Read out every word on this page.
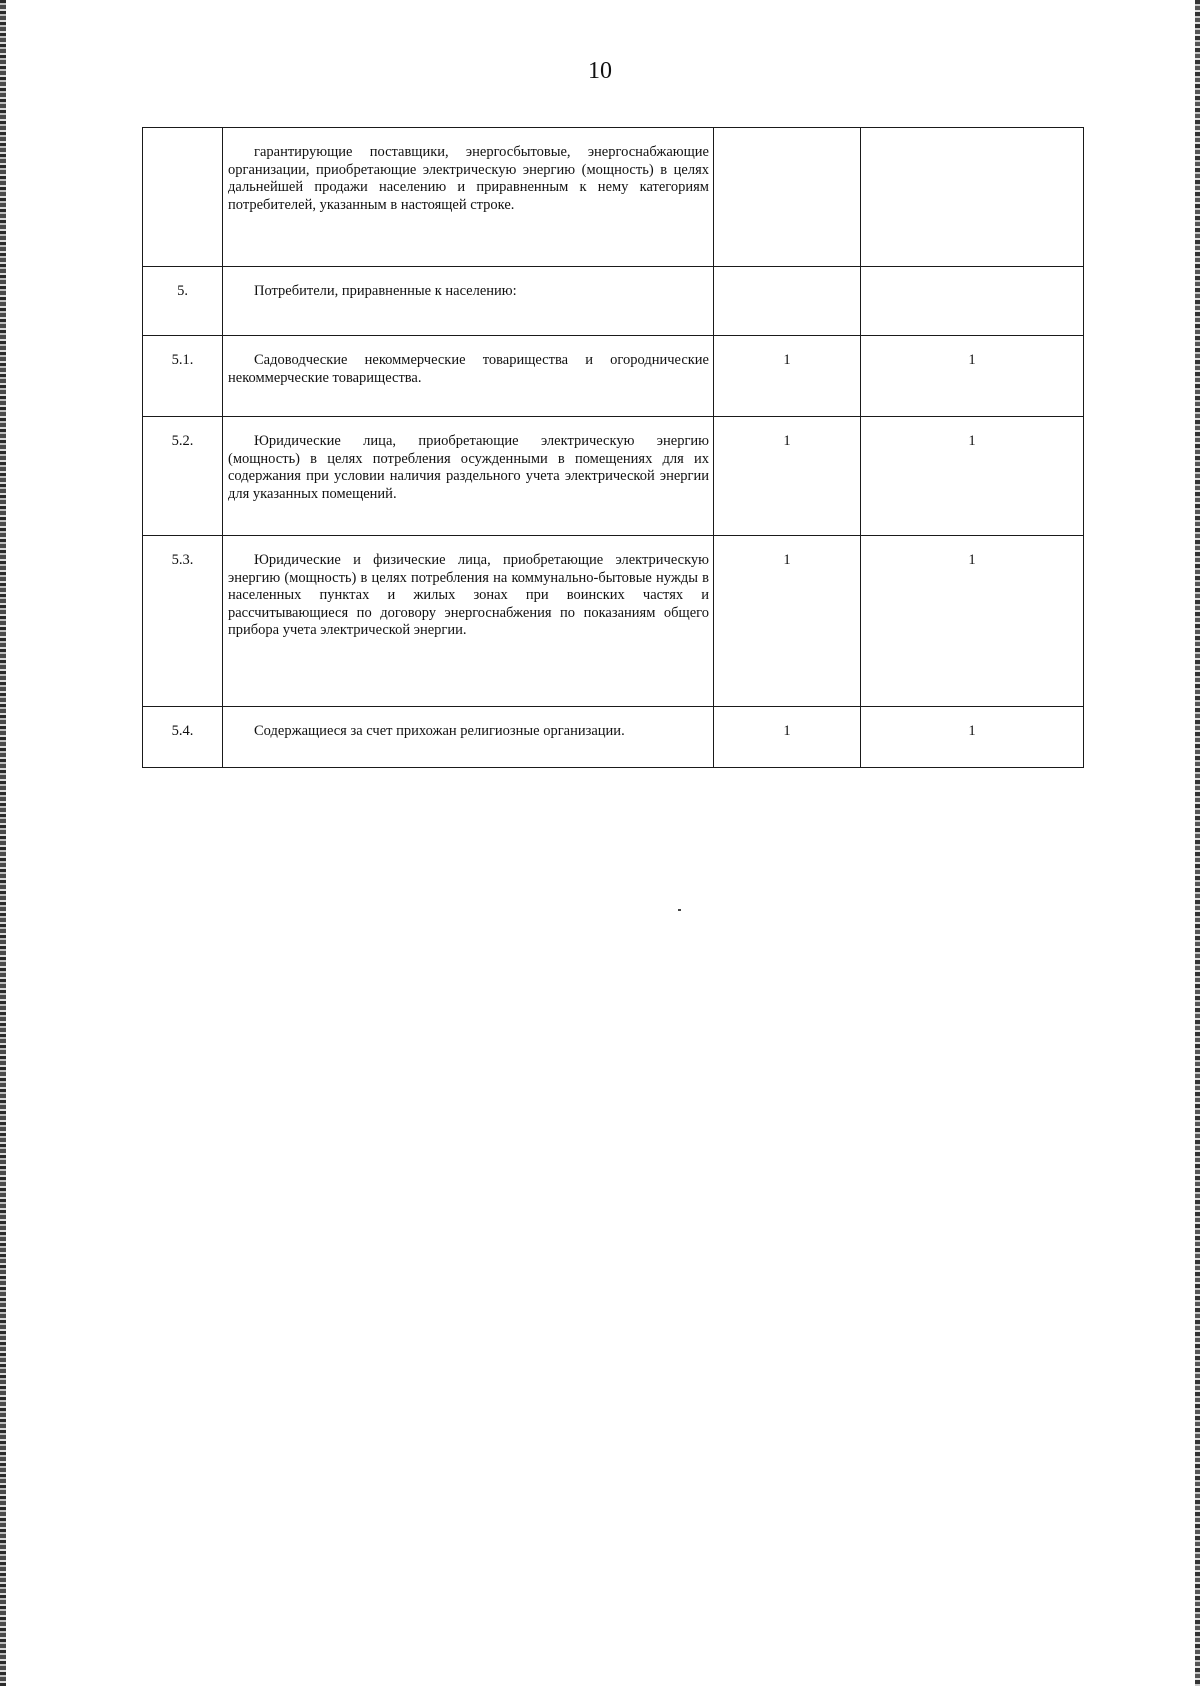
10
	гарантирующие поставщики, энергосбытовые, энергоснабжающие организации, приобретающие электрическую энергию (мощность) в целях дальнейшей продажи населению и приравненным к нему категориям потребителей, указанным в настоящей строке.		
5.	Потребители, приравненные к населению:		
5.1.	Садоводческие некоммерческие товарищества и огороднические некоммерческие товарищества.	1	1
5.2.	Юридические лица, приобретающие электрическую энергию (мощность) в целях потребления осужденными в помещениях для их содержания при условии наличия раздельного учета электрической энергии для указанных помещений.	1	1
5.3.	Юридические и физические лица, приобретающие электрическую энергию (мощность) в целях потребления на коммунально-бытовые нужды в населенных пунктах и жилых зонах при воинских частях и рассчитывающиеся по договору энергоснабжения по показаниям общего прибора учета электрической энергии.	1	1
5.4.	Содержащиеся за счет прихожан религиозные организации.	1	1
